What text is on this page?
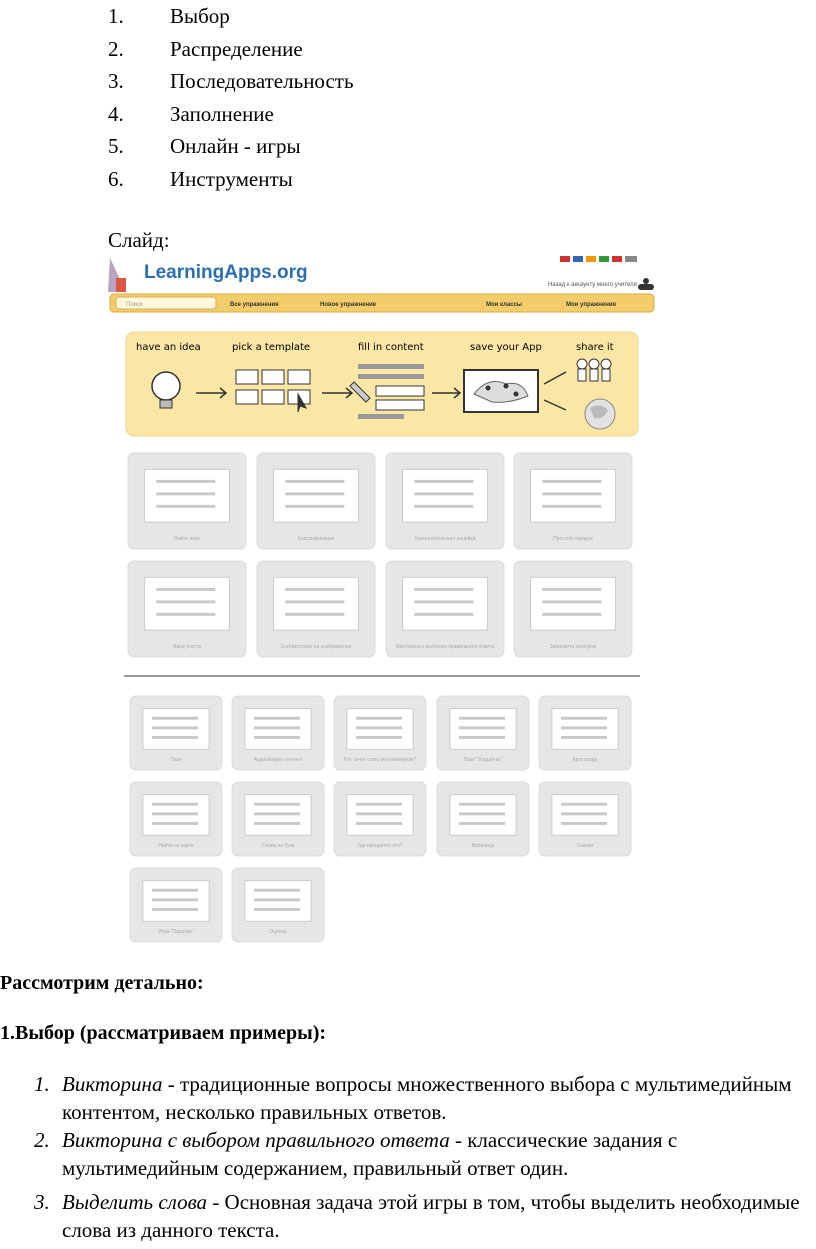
1.	Выбор
2.	Распределение
3.	Последовательность
4.	Заполнение
5.	Онлайн - игры
6.	Инструменты
Слайд:
LearningApps.org
Назад к аккаунту моего учителя
Поиск	Все упражнения	Новое упражнение	Мои классы	Мои упражнения
have an idea	pick a template	fill in content	save your App	share it
Найти пару	Классификация	Хронологическая линейка	Простой порядок
Ввод текста	Соответствие на изображении	Викторина с выбором правильного ответа	Заполнить пропуски
Пазл	Аудио/видео контент	Кто хочет стать миллионером?	Пазл "Угадай-ка"	Кроссворд
Найти на карте	Слова из букв	Где находится это?	Виселица	Скачки
Игра "Парочки"	Оценка
Рассмотрим детально:
1.Выбор (рассматриваем примеры):
1. Викторина - традиционные вопросы множественного выбора с мультимедийным контентом, несколько правильных ответов.
2. Викторина с выбором правильного ответа - классические задания с мультимедийным содержанием, правильный ответ один.
3. Выделить слова - Основная задача этой игры в том, чтобы выделить необходимые слова из данного текста.
